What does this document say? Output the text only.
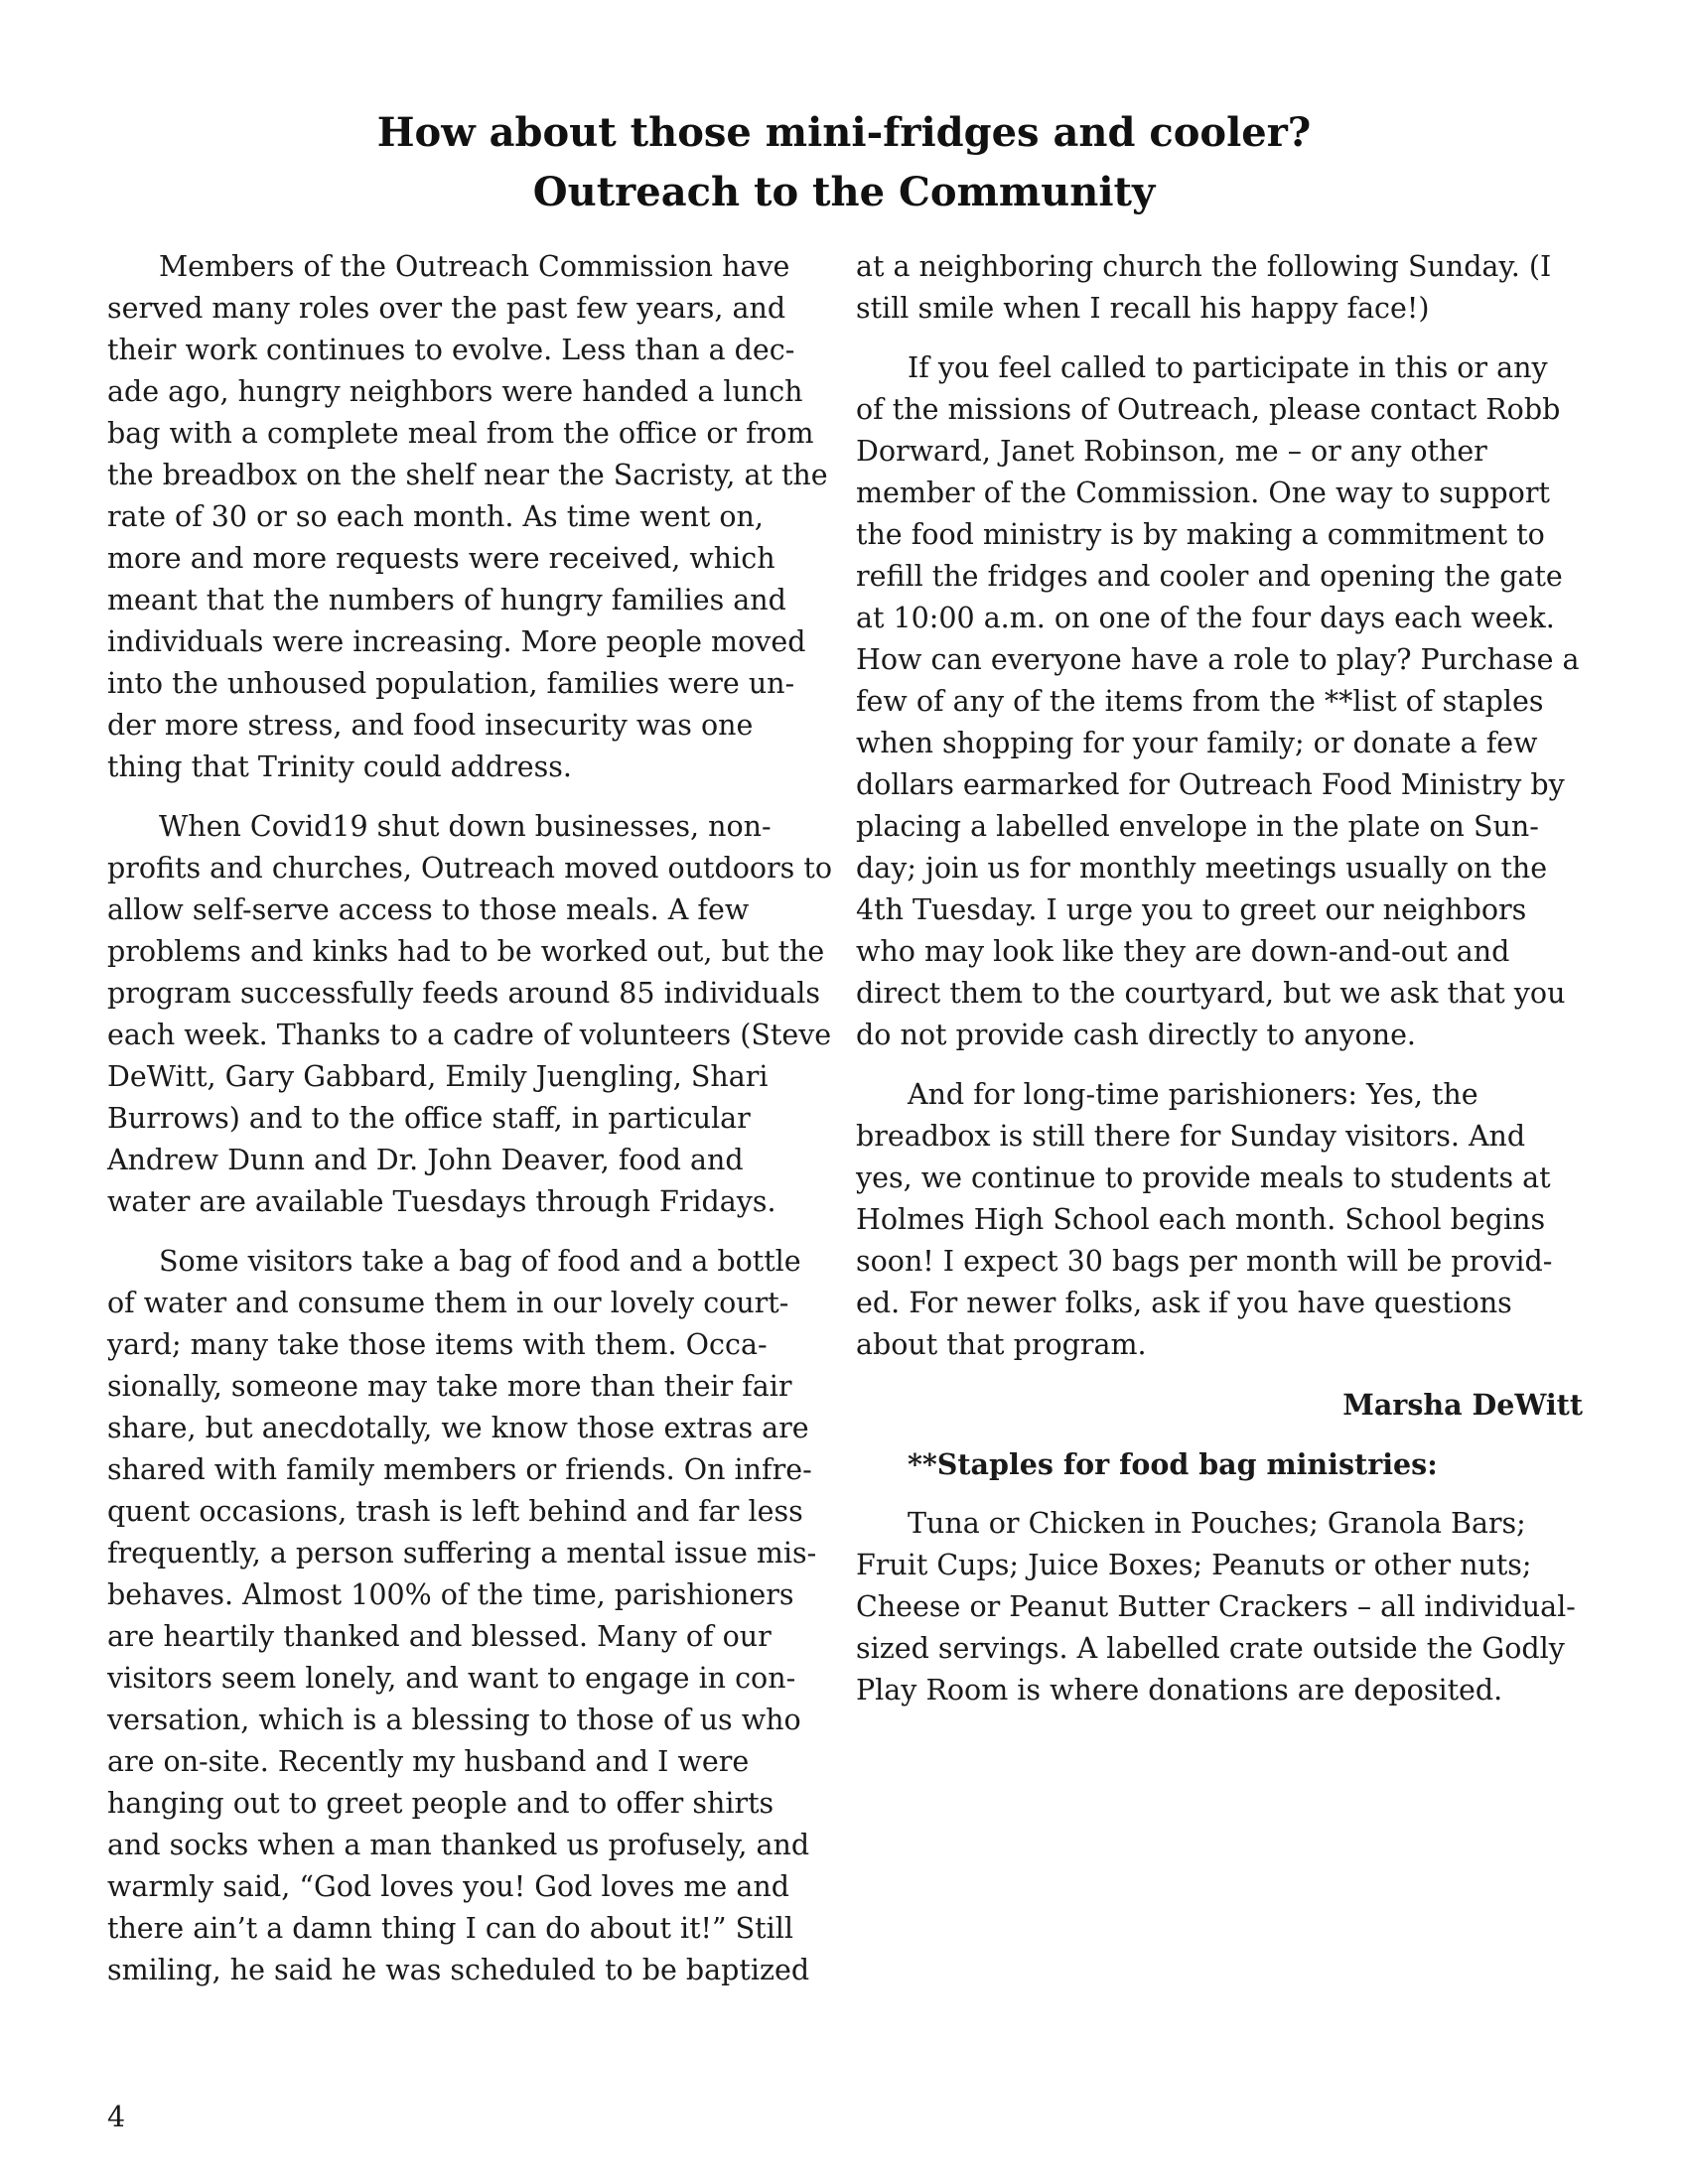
How about those mini-fridges and cooler?
Outreach to the Community

Members of the Outreach Commission have served many roles over the past few years, and their work continues to evolve. Less than a decade ago, hungry neighbors were handed a lunch bag with a complete meal from the office or from the breadbox on the shelf near the Sacristy, at the rate of 30 or so each month. As time went on, more and more requests were received, which meant that the numbers of hungry families and individuals were increasing. More people moved into the unhoused population, families were under more stress, and food insecurity was one thing that Trinity could address.

When Covid19 shut down businesses, nonprofits and churches, Outreach moved outdoors to allow self-serve access to those meals. A few problems and kinks had to be worked out, but the program successfully feeds around 85 individuals each week. Thanks to a cadre of volunteers (Steve DeWitt, Gary Gabbard, Emily Juengling, Shari Burrows) and to the office staff, in particular Andrew Dunn and Dr. John Deaver, food and water are available Tuesdays through Fridays.

Some visitors take a bag of food and a bottle of water and consume them in our lovely courtyard; many take those items with them. Occasionally, someone may take more than their fair share, but anecdotally, we know those extras are shared with family members or friends. On infrequent occasions, trash is left behind and far less frequently, a person suffering a mental issue misbehaves. Almost 100% of the time, parishioners are heartily thanked and blessed. Many of our visitors seem lonely, and want to engage in conversation, which is a blessing to those of us who are on-site. Recently my husband and I were hanging out to greet people and to offer shirts and socks when a man thanked us profusely, and warmly said, “God loves you! God loves me and there ain’t a damn thing I can do about it!” Still smiling, he said he was scheduled to be baptized

at a neighboring church the following Sunday. (I still smile when I recall his happy face!)

If you feel called to participate in this or any of the missions of Outreach, please contact Robb Dorward, Janet Robinson, me – or any other member of the Commission. One way to support the food ministry is by making a commitment to refill the fridges and cooler and opening the gate at 10:00 a.m. on one of the four days each week. How can everyone have a role to play? Purchase a few of any of the items from the **list of staples when shopping for your family; or donate a few dollars earmarked for Outreach Food Ministry by placing a labelled envelope in the plate on Sunday; join us for monthly meetings usually on the 4th Tuesday. I urge you to greet our neighbors who may look like they are down-and-out and direct them to the courtyard, but we ask that you do not provide cash directly to anyone.

And for long-time parishioners: Yes, the breadbox is still there for Sunday visitors. And yes, we continue to provide meals to students at Holmes High School each month. School begins soon! I expect 30 bags per month will be provided. For newer folks, ask if you have questions about that program.

Marsha DeWitt

**Staples for food bag ministries:

Tuna or Chicken in Pouches; Granola Bars; Fruit Cups; Juice Boxes; Peanuts or other nuts; Cheese or Peanut Butter Crackers – all individual-sized servings. A labelled crate outside the Godly Play Room is where donations are deposited.

4
